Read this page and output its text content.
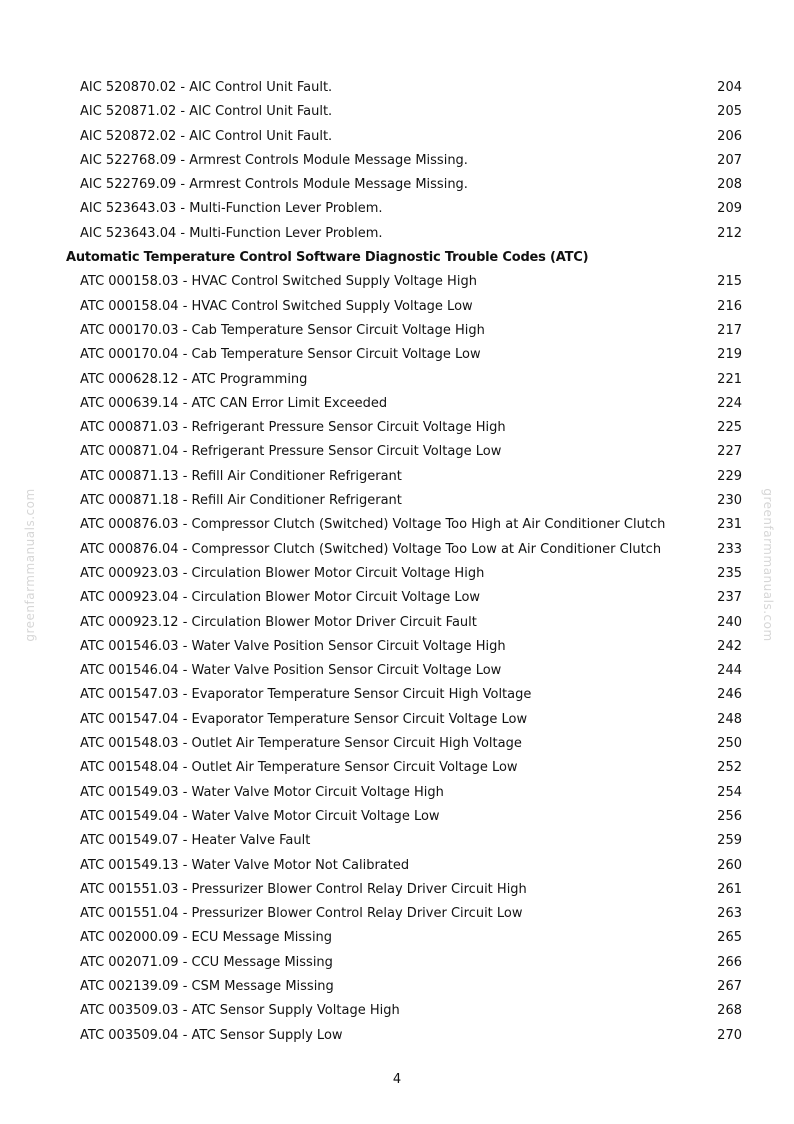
greenfarmmanuals.com	greenfarmmanuals.com
AIC 520870.02 - AIC Control Unit Fault.	204
AIC 520871.02 - AIC Control Unit Fault.	205
AIC 520872.02 - AIC Control Unit Fault.	206
AIC 522768.09 - Armrest Controls Module Message Missing.	207
AIC 522769.09 - Armrest Controls Module Message Missing.	208
AIC 523643.03 - Multi-Function Lever Problem.	209
AIC 523643.04 - Multi-Function Lever Problem.	212
Automatic Temperature Control Software Diagnostic Trouble Codes (ATC)
ATC 000158.03 - HVAC Control Switched Supply Voltage High	215
ATC 000158.04 - HVAC Control Switched Supply Voltage Low	216
ATC 000170.03 - Cab Temperature Sensor Circuit Voltage High	217
ATC 000170.04 - Cab Temperature Sensor Circuit Voltage Low	219
ATC 000628.12 - ATC Programming	221
ATC 000639.14 - ATC CAN Error Limit Exceeded	224
ATC 000871.03 - Refrigerant Pressure Sensor Circuit Voltage High	225
ATC 000871.04 - Refrigerant Pressure Sensor Circuit Voltage Low	227
ATC 000871.13 - Refill Air Conditioner Refrigerant	229
ATC 000871.18 - Refill Air Conditioner Refrigerant	230
ATC 000876.03 - Compressor Clutch (Switched) Voltage Too High at Air Conditioner Clutch	231
ATC 000876.04 - Compressor Clutch (Switched) Voltage Too Low at Air Conditioner Clutch	233
ATC 000923.03 - Circulation Blower Motor Circuit Voltage High	235
ATC 000923.04 - Circulation Blower Motor Circuit Voltage Low	237
ATC 000923.12 - Circulation Blower Motor Driver Circuit Fault	240
ATC 001546.03 - Water Valve Position Sensor Circuit Voltage High	242
ATC 001546.04 - Water Valve Position Sensor Circuit Voltage Low	244
ATC 001547.03 - Evaporator Temperature Sensor Circuit High Voltage	246
ATC 001547.04 - Evaporator Temperature Sensor Circuit Voltage Low	248
ATC 001548.03 - Outlet Air Temperature Sensor Circuit High Voltage	250
ATC 001548.04 - Outlet Air Temperature Sensor Circuit Voltage Low	252
ATC 001549.03 - Water Valve Motor Circuit Voltage High	254
ATC 001549.04 - Water Valve Motor Circuit Voltage Low	256
ATC 001549.07 - Heater Valve Fault	259
ATC 001549.13 - Water Valve Motor Not Calibrated	260
ATC 001551.03 - Pressurizer Blower Control Relay Driver Circuit High	261
ATC 001551.04 - Pressurizer Blower Control Relay Driver Circuit Low	263
ATC 002000.09 - ECU Message Missing	265
ATC 002071.09 - CCU Message Missing	266
ATC 002139.09 - CSM Message Missing	267
ATC 003509.03 - ATC Sensor Supply Voltage High	268
ATC 003509.04 - ATC Sensor Supply Low	270
4
